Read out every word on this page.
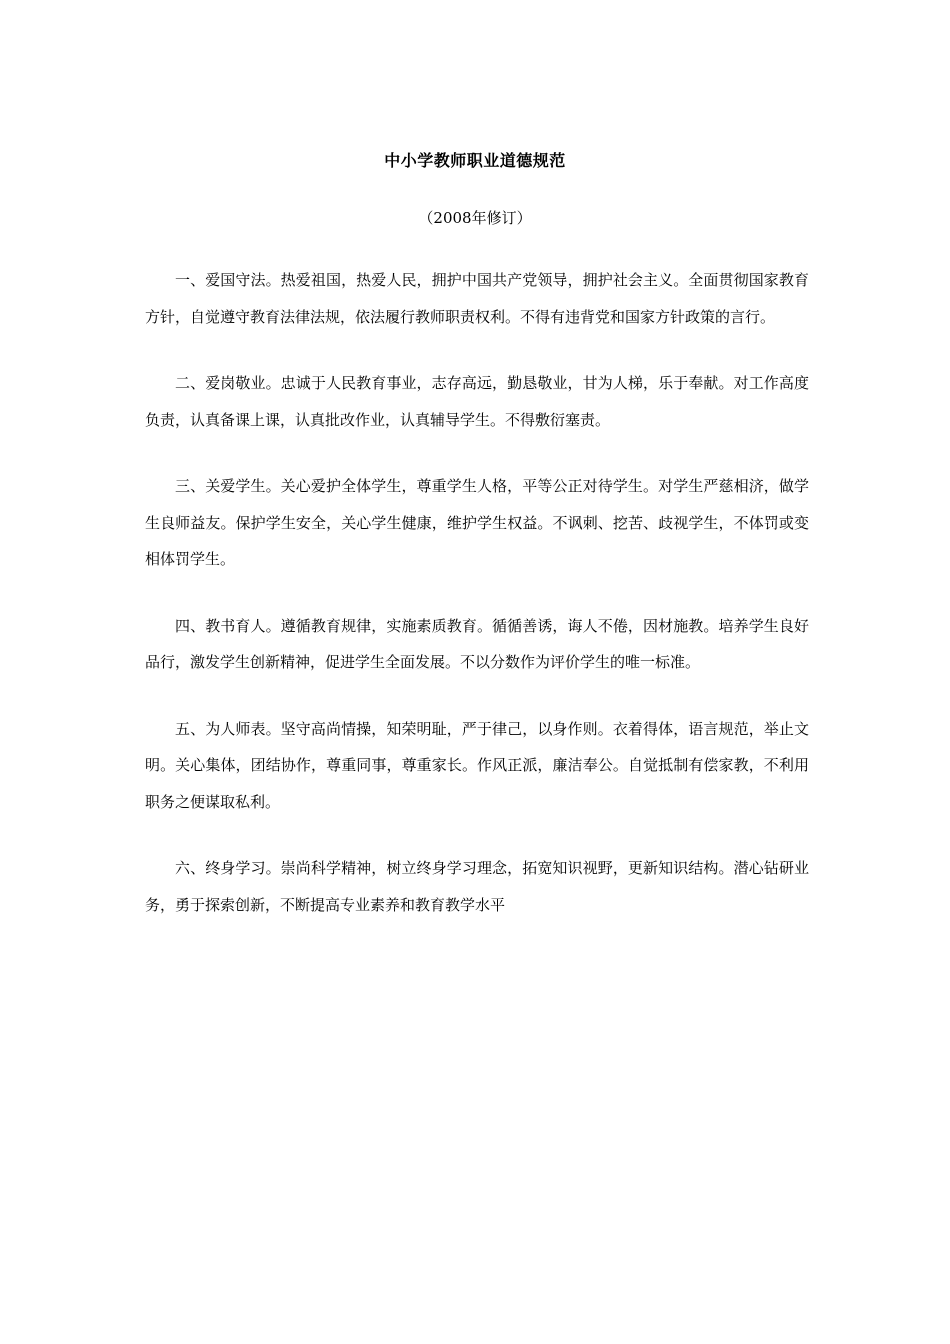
中小学教师职业道德规范
（2008年修订）

一、爱国守法。热爱祖国，热爱人民，拥护中国共产党领导，拥护社会主义。全面贯彻国家教育方针，自觉遵守教育法律法规，依法履行教师职责权利。不得有违背党和国家方针政策的言行。

二、爱岗敬业。忠诚于人民教育事业，志存高远，勤恳敬业，甘为人梯，乐于奉献。对工作高度负责，认真备课上课，认真批改作业，认真辅导学生。不得敷衍塞责。

三、关爱学生。关心爱护全体学生，尊重学生人格，平等公正对待学生。对学生严慈相济，做学生良师益友。保护学生安全，关心学生健康，维护学生权益。不讽刺、挖苦、歧视学生，不体罚或变相体罚学生。

四、教书育人。遵循教育规律，实施素质教育。循循善诱，诲人不倦，因材施教。培养学生良好品行，激发学生创新精神，促进学生全面发展。不以分数作为评价学生的唯一标准。

五、为人师表。坚守高尚情操，知荣明耻，严于律己，以身作则。衣着得体，语言规范，举止文明。关心集体，团结协作，尊重同事，尊重家长。作风正派，廉洁奉公。自觉抵制有偿家教，不利用职务之便谋取私利。

六、终身学习。崇尚科学精神，树立终身学习理念，拓宽知识视野，更新知识结构。潜心钻研业务，勇于探索创新，不断提高专业素养和教育教学水平
